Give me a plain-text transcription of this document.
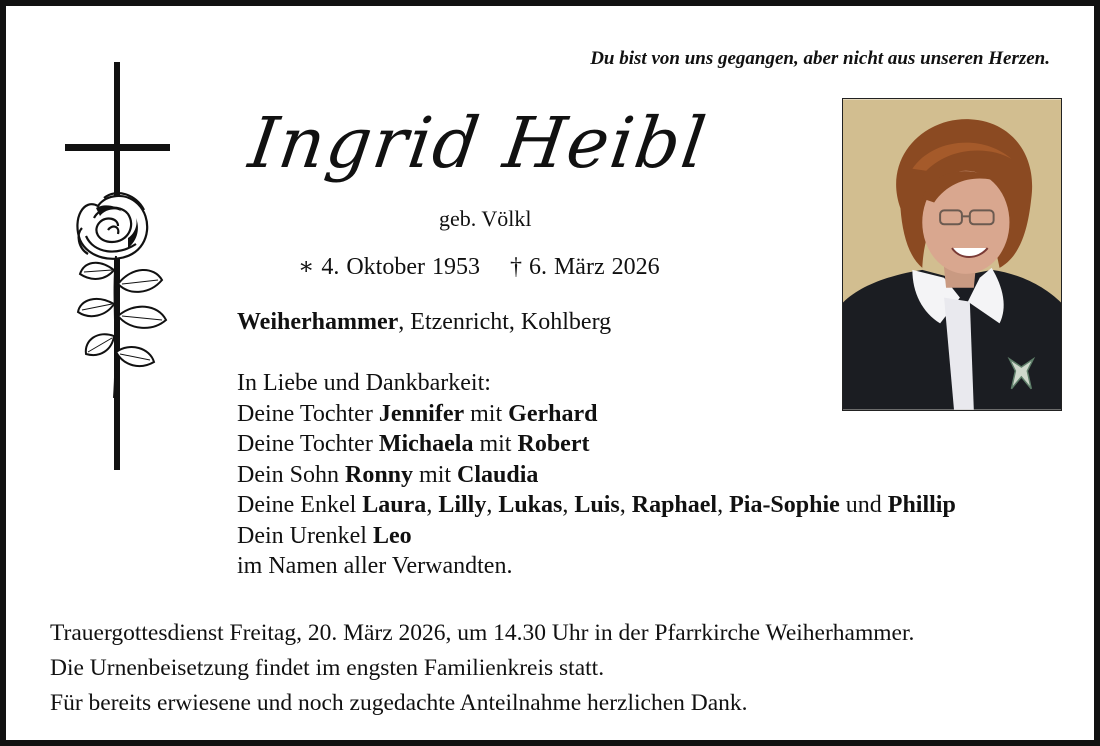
Du bist von uns gegangen, aber nicht aus unseren Herzen.
Ingrid Heibl
geb. Völkl
∗ 4. Oktober 1953 † 6. März 2026
Weiherhammer, Etzenricht, Kohlberg
In Liebe und Dankbarkeit:
Deine Tochter Jennifer mit Gerhard
Deine Tochter Michaela mit Robert
Dein Sohn Ronny mit Claudia
Deine Enkel Laura, Lilly, Lukas, Luis, Raphael, Pia-Sophie und Phillip
Dein Urenkel Leo
im Namen aller Verwandten.
Trauergottesdienst Freitag, 20. März 2026, um 14.30 Uhr in der Pfarrkirche Weiherhammer.
Die Urnenbeisetzung findet im engsten Familienkreis statt.
Für bereits erwiesene und noch zugedachte Anteilnahme herzlichen Dank.
